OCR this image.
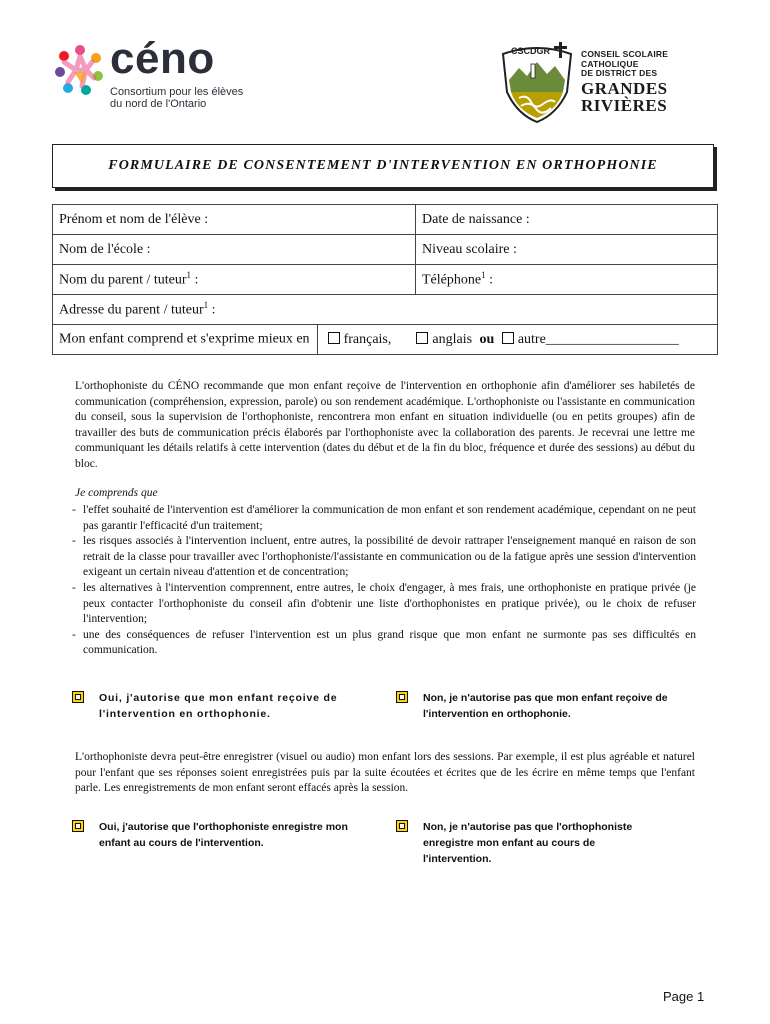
céno
Consortium pour les élèves
du nord de l'Ontario
CSCDGR	CONSEIL SCOLAIRE
CATHOLIQUE
DE DISTRICT DES
GRANDES
RIVIÈRES
FORMULAIRE DE CONSENTEMENT D'INTERVENTION EN ORTHOPHONIE
Prénom et nom de l'élève :	Date de naissance :
Nom de l'école :	Niveau scolaire :
Nom du parent / tuteur$^1$ :	Téléphone$^1$ :
Adresse du parent / tuteur$^1$ :	
Mon enfant comprend et s'exprime mieux en français, anglais ou autre___________________	
L'orthophoniste du CÉNO recommande que mon enfant reçoive de l'intervention en orthophonie afin d'améliorer ses habiletés de communication (compréhension, expression, parole) ou son rendement académique. L'orthophoniste ou l'assistante en communication du conseil, sous la supervision de l'orthophoniste, rencontrera mon enfant en situation individuelle (ou en petits groupes) afin de travailler des buts de communication précis élaborés par l'orthophoniste avec la collaboration des parents. Je recevrai une lettre me communiquant les détails relatifs à cette intervention (dates du début et de la fin du bloc, fréquence et durée des sessions) au début du bloc.
Je comprends que
- l'effet souhaité de l'intervention est d'améliorer la communication de mon enfant et son rendement académique, cependant on ne peut pas garantir l'efficacité d'un traitement;
- les risques associés à l'intervention incluent, entre autres, la possibilité de devoir rattraper l'enseignement manqué en raison de son retrait de la classe pour travailler avec l'orthophoniste/l'assistante en communication ou de la fatigue après une session d'intervention exigeant un certain niveau d'attention et de concentration;
- les alternatives à l'intervention comprennent, entre autres, le choix d'engager, à mes frais, une orthophoniste en pratique privée (je peux contacter l'orthophoniste du conseil afin d'obtenir une liste d'orthophonistes en pratique privée), ou le choix de refuser l'intervention;
- une des conséquences de refuser l'intervention est un plus grand risque que mon enfant ne surmonte pas ses difficultés en communication.
Oui, j'autorise que mon enfant reçoive de l'intervention en orthophonie.
Non, je n'autorise pas que mon enfant reçoive de l'intervention en orthophonie.
L'orthophoniste devra peut-être enregistrer (visuel ou audio) mon enfant lors des sessions. Par exemple, il est plus agréable et naturel pour l'enfant que ses réponses soient enregistrées puis par la suite écoutées et écrites que de les écrire en même temps que l'enfant parle. Les enregistrements de mon enfant seront effacés après la session.
Oui, j'autorise que l'orthophoniste enregistre mon enfant au cours de l'intervention.
Non, je n'autorise pas que l'orthophoniste enregistre mon enfant au cours de l'intervention.
Page 1
